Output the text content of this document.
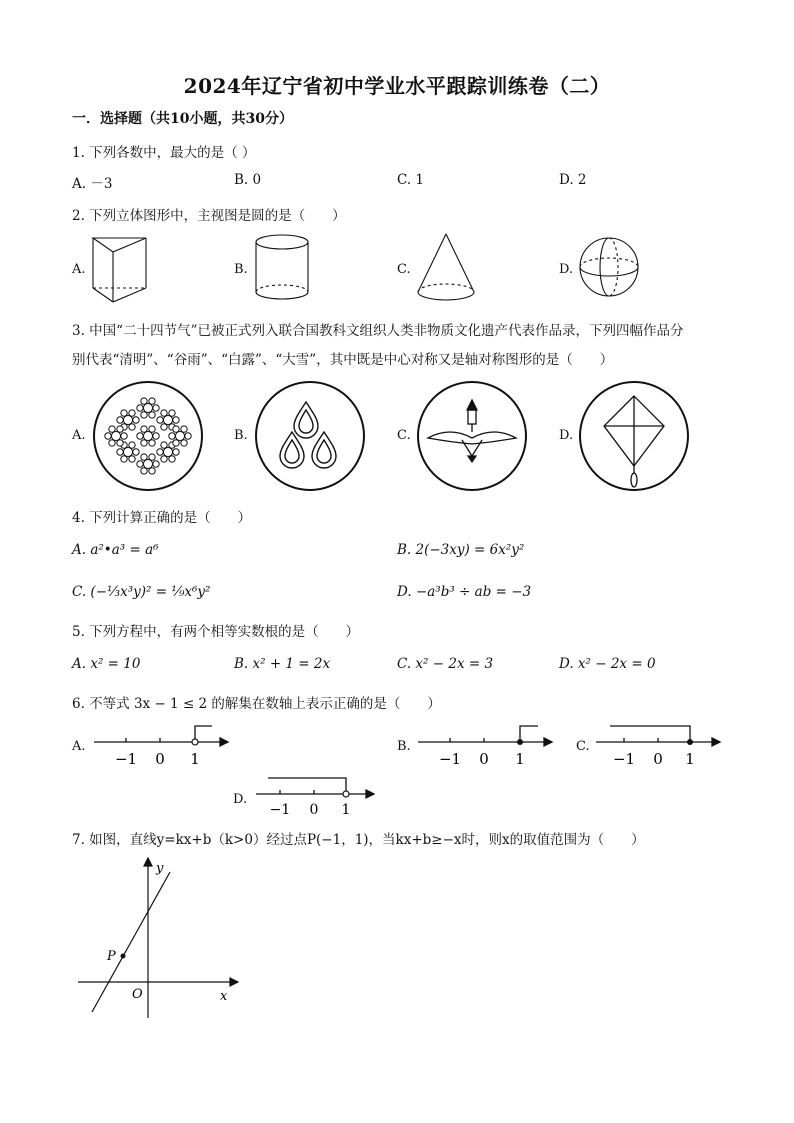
2024年辽宁省初中学业水平跟踪训练卷（二）
一．选择题（共10小题，共30分）
1. 下列各数中，最大的是（ ）
A. －3	B. 0	C. 1	D. 2
2. 下列立体图形中，主视图是圆的是（　　）
A.	B.	C.	D.
3. 中国“二十四节气”已被正式列入联合国教科文组织人类非物质文化遗产代表作品录，下列四幅作品分
别代表“清明”、“谷雨”、“白露”、“大雪”，其中既是中心对称又是轴对称图形的是（　　）
A.	B.	C.	D.
4. 下列计算正确的是（　　）
A. a²•a³ = a⁶	B. 2(−3xy) = 6x²y²
C. (−⅓x³y)² = ⅑x⁶y²	D. −a³b³ ÷ ab = −3
5. 下列方程中，有两个相等实数根的是（　　）
A. x² = 10	B. x² + 1 = 2x	C. x² − 2x = 3	D. x² − 2x = 0
6. 不等式 3x − 1 ≤ 2 的解集在数轴上表示正确的是（　　）
A.	B.	C.
D.
−1 0 1	−1 0 1	−1 0 1
−1 0 1
7. 如图，直线y=kx+b（k>0）经过点P(−1，1)，当kx+b≥−x时，则x的取值范围为（　　）
y
x
O
P
